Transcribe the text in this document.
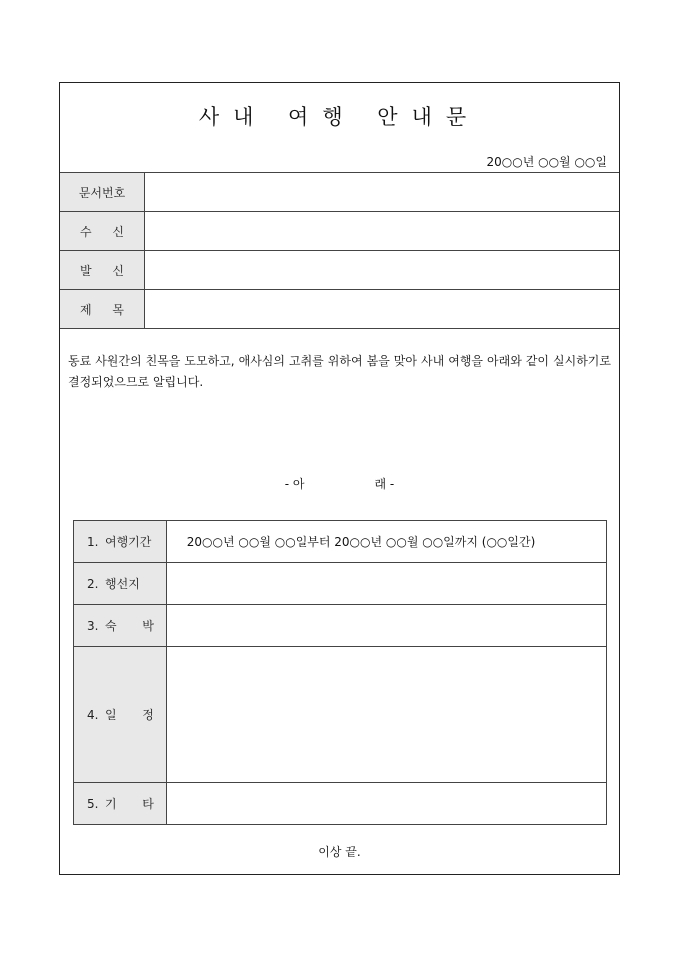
사내 여행 안내문
20○○년 ○○월 ○○일
문서번호	

수 신	

발 신	

제 목	

동료 사원간의 친목을 도모하고, 애사심의 고취를 위하여 봄을 맞아 사내 여행을 아래와 같이 실시하기로 결정되었으므로 알립니다.
- 아	래 -
1. 여행기간	20○○년 ○○월 ○○일부터 20○○년 ○○월 ○○일까지 (○○일간)

2. 행 선 지	

3. 숙 박	

4. 일 정	

5. 기 타	

이상 끝.
